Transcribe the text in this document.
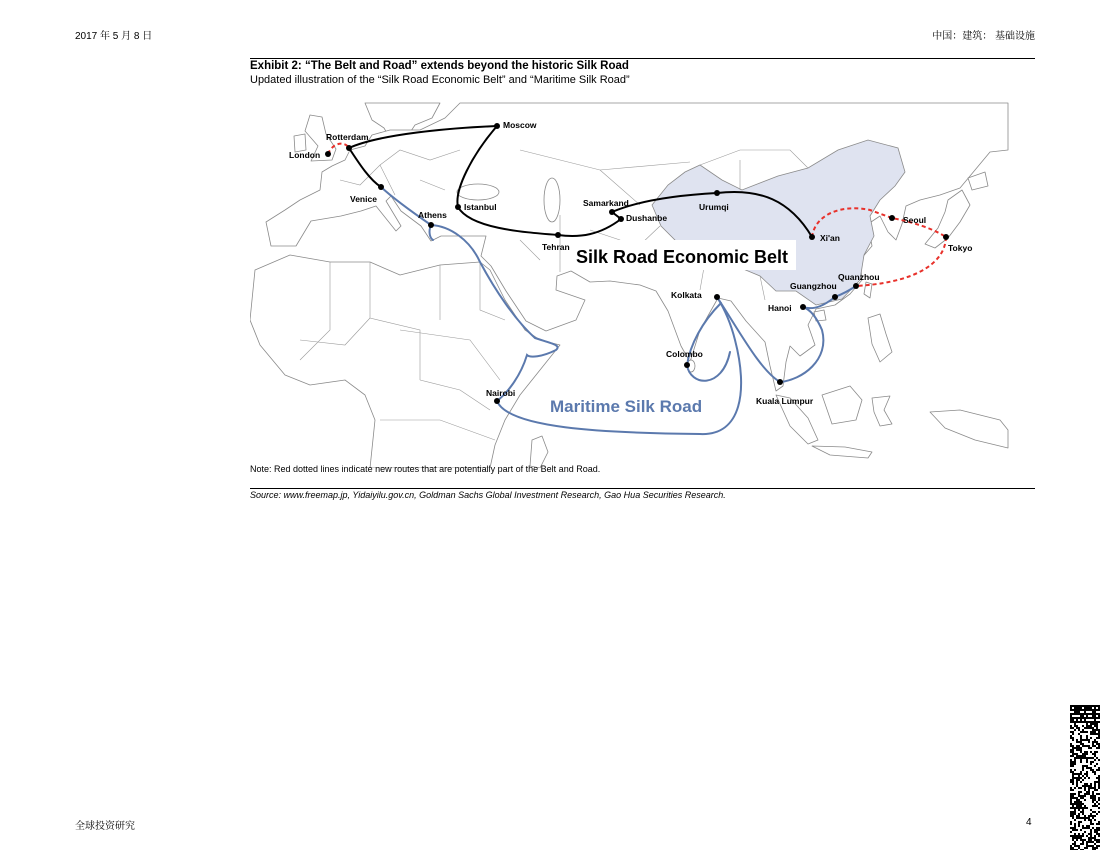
2017 年 5 月 8 日	中国：建筑： 基础设施
Exhibit 2: “The Belt and Road” extends beyond the historic Silk Road
Updated illustration of the “Silk Road Economic Belt” and “Maritime Silk Road”
Moscow
Rotterdam
London
Venice
Istanbul
Athens
Tehran
Samarkand
Dushanbe
Urumqi
Xi'an
Seoul
Tokyo
Quanzhou
Guangzhou
Hanoi
Kolkata
Colombo
Kuala Lumpur
Nairobi
Silk Road Economic Belt
Maritime Silk Road
Note: Red dotted lines indicate new routes that are potentially part of the Belt and Road.
Source: www.freemap.jp, Yidaiyilu.gov.cn, Goldman Sachs Global Investment Research, Gao Hua Securities Research.
全球投资研究	4
